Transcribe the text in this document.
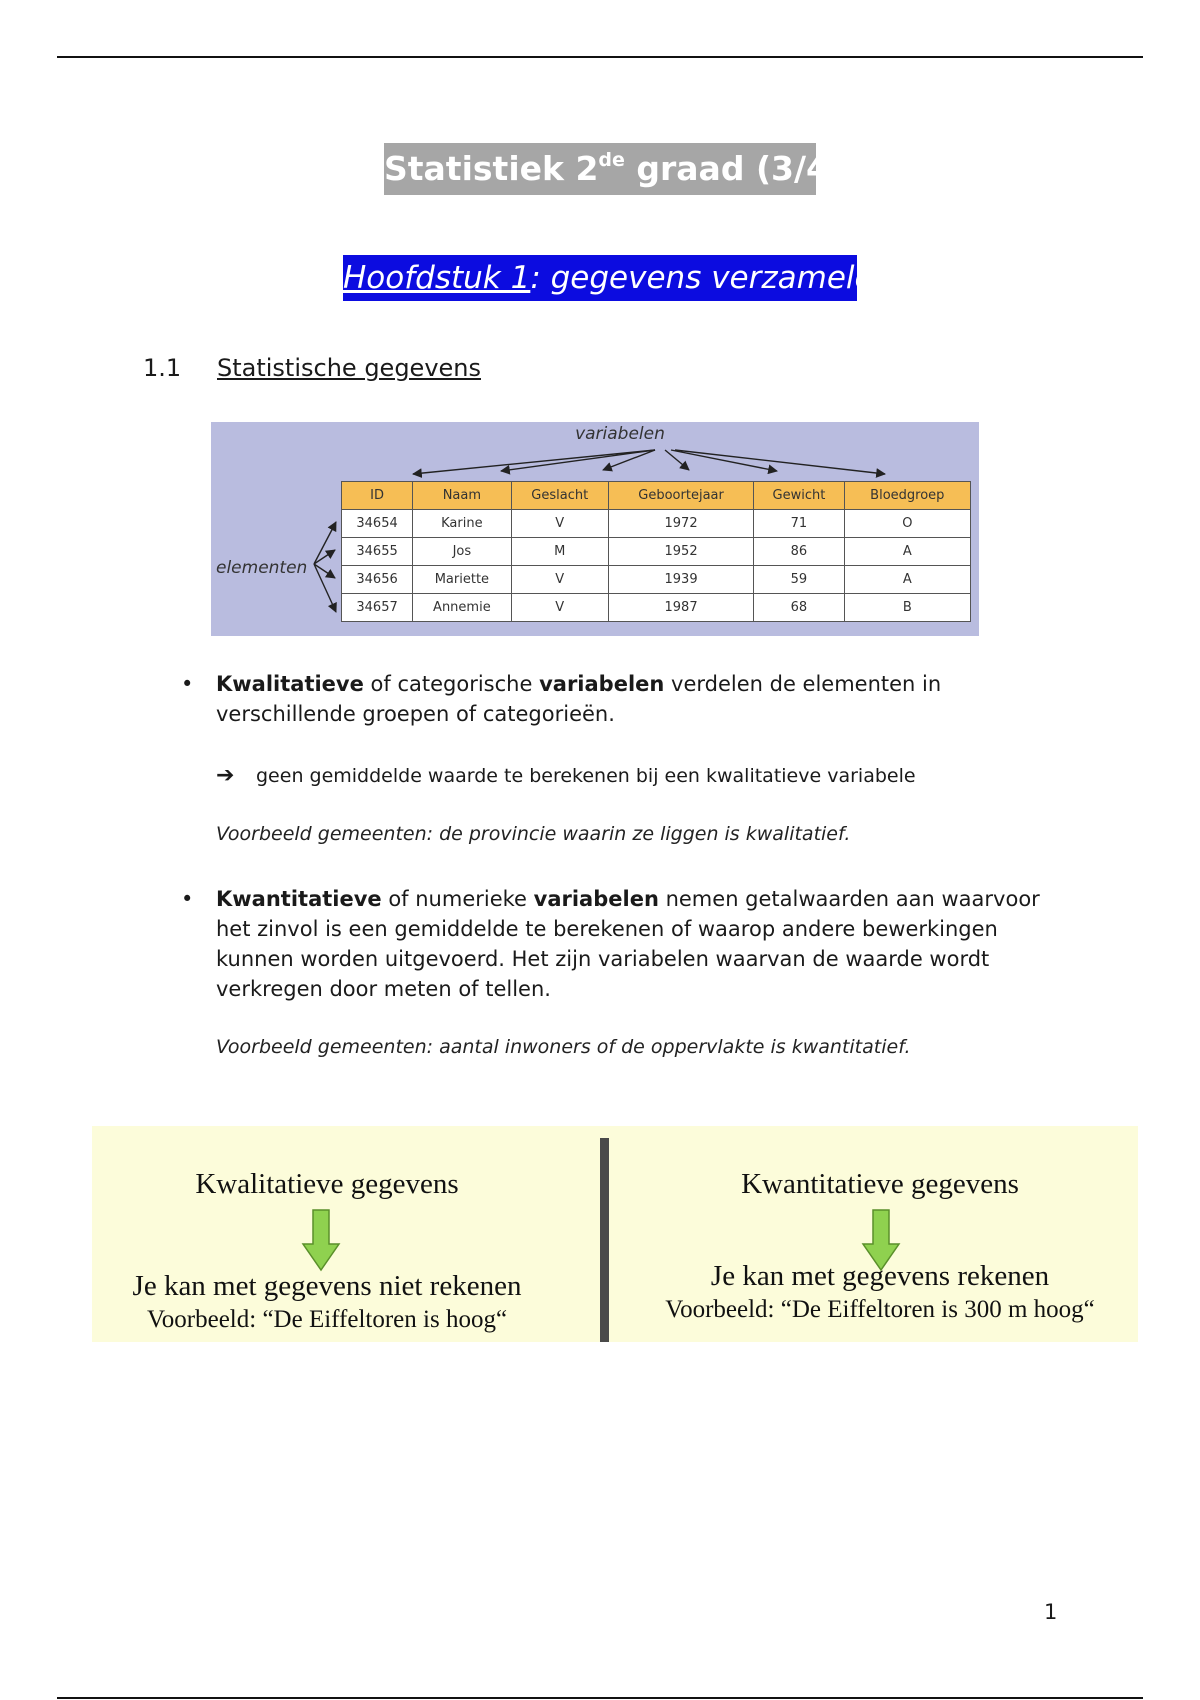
Statistiek 2de graad (3/4)
Hoofdstuk 1: gegevens verzamelen
1.1 Statistische gegevens
variabelen
elementen
ID	Naam	Geslacht	Geboortejaar	Gewicht	Bloedgroep
34654	Karine	V	1972	71	O
34655	Jos	M	1952	86	A
34656	Mariette	V	1939	59	A
34657	Annemie	V	1987	68	B
• Kwalitatieve of categorische variabelen verdelen de elementen in verschillende groepen of categorieën.
➔ geen gemiddelde waarde te berekenen bij een kwalitatieve variabele
Voorbeeld gemeenten: de provincie waarin ze liggen is kwalitatief.
• Kwantitatieve of numerieke variabelen nemen getalwaarden aan waarvoor het zinvol is een gemiddelde te berekenen of waarop andere bewerkingen kunnen worden uitgevoerd. Het zijn variabelen waarvan de waarde wordt verkregen door meten of tellen.
Voorbeeld gemeenten: aantal inwoners of de oppervlakte is kwantitatief.
Kwalitatieve gegevens
Je kan met gegevens niet rekenen
Voorbeeld: “De Eiffeltoren is hoog“
Kwantitatieve gegevens
Je kan met gegevens rekenen
Voorbeeld: “De Eiffeltoren is 300 m hoog“
1
